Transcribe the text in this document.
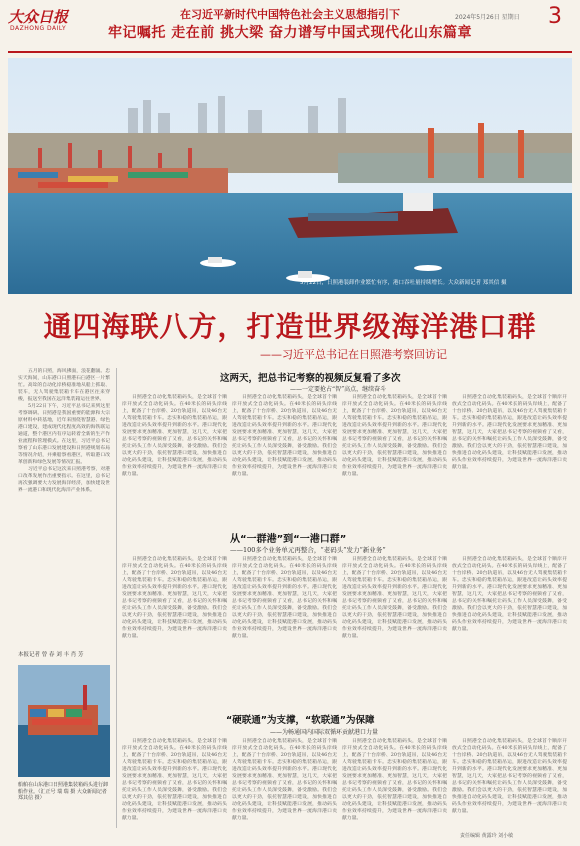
大众日报
DAZHONG DAILY
在习近平新时代中国特色社会主义思想指引下
牢记嘱托 走在前 挑大梁 奋力谱写中国式现代化山东篇章
2024年5月26日 星期日 3
5月22日，日照港装卸作业繁忙有序，港口吞吐量持续增长。大众新闻记者 郑其信 摄
通四海联八方，打造世界级海洋港口群
——习近平总书记在日照港考察回访记

五月的日照，海风拂面，浪花翻涌。忠实天海间，山东港口日照港石臼港区一片繁忙。高耸的自动化岸桥稳准地从船上抓取、装车，无人驾驶集装箱卡车在港区往来穿梭，报送至我国在远洋集装箱运往世界。

5月22日下午，习近平总书记来到这里考察调研。日照港是我国重要的能源和大宗原材料中转基地，近年来围绕智慧港、绿色港口建设，建成现代化程度高效的海铁联运通道，整个港区内有序运转着全新的生产作业流程和管理模式。在这里，习近平总书记察看了山东港口发展建设和日照港规划布局等情况介绍，并乘船察看港区，听取港口改革创新和绿色发展等情况汇报。

习近平总书记这次来日照港考察，对港口改革发展作出重要指示。在这里，总书记再次强调要大力发展海洋经济，加快建设世界一流港口和现代化海洋产业体系。

本报记者 曾 春 刘 丰 肖 芳
船舶在山东港口日照港集装箱码头进行卸船作业。（汇正号 瑞 瑞 摄 大众新闻记者 郑其信 摄）
这两天，把总书记考察的视频反复看了多次
——一定要抢占“智”高点，继续奋斗

日照港全自动化集装箱码头，是全球首个顺岸开放式全自动化码头。在40米长的码头岸线上，配备了十台岸桥、20台轨道吊，以及46台无人驾驶集装箱卡车。忠实和稳的集装箱吊运，跟进改造让码头效率提升到新的水平。港口现代化发展要求更加精准、更加智慧，这几天，大家把总书记考察的视频看了又看，总书记的关怀和嘱托让码头工作人员深受鼓舞，备受激励。我们会以更大的干劲，依托智慧港口建设，加快推进自动化码头建设，让科技赋能港口发展，推动码头作业效率持续提升，为建设世界一流海洋港口贡献力量。

日照港全自动化集装箱码头，是全球首个顺岸开放式全自动化码头。在40米长的码头岸线上，配备了十台岸桥、20台轨道吊，以及46台无人驾驶集装箱卡车。忠实和稳的集装箱吊运，跟进改造让码头效率提升到新的水平。港口现代化发展要求更加精准、更加智慧，这几天，大家把总书记考察的视频看了又看，总书记的关怀和嘱托让码头工作人员深受鼓舞，备受激励。我们会以更大的干劲，依托智慧港口建设，加快推进自动化码头建设，让科技赋能港口发展，推动码头作业效率持续提升，为建设世界一流海洋港口贡献力量。

日照港全自动化集装箱码头，是全球首个顺岸开放式全自动化码头。在40米长的码头岸线上，配备了十台岸桥、20台轨道吊，以及46台无人驾驶集装箱卡车。忠实和稳的集装箱吊运，跟进改造让码头效率提升到新的水平。港口现代化发展要求更加精准、更加智慧，这几天，大家把总书记考察的视频看了又看，总书记的关怀和嘱托让码头工作人员深受鼓舞，备受激励。我们会以更大的干劲，依托智慧港口建设，加快推进自动化码头建设，让科技赋能港口发展，推动码头作业效率持续提升，为建设世界一流海洋港口贡献力量。

日照港全自动化集装箱码头，是全球首个顺岸开放式全自动化码头。在40米长的码头岸线上，配备了十台岸桥、20台轨道吊，以及46台无人驾驶集装箱卡车。忠实和稳的集装箱吊运，跟进改造让码头效率提升到新的水平。港口现代化发展要求更加精准、更加智慧，这几天，大家把总书记考察的视频看了又看，总书记的关怀和嘱托让码头工作人员深受鼓舞，备受激励。我们会以更大的干劲，依托智慧港口建设，加快推进自动化码头建设，让科技赋能港口发展，推动码头作业效率持续提升，为建设世界一流海洋港口贡献力量。

从“一群港”到“一港口群”
——100多个业务单元再整合，“老码头”发力“新业务”

日照港全自动化集装箱码头，是全球首个顺岸开放式全自动化码头。在40米长的码头岸线上，配备了十台岸桥、20台轨道吊，以及46台无人驾驶集装箱卡车。忠实和稳的集装箱吊运，跟进改造让码头效率提升到新的水平。港口现代化发展要求更加精准、更加智慧，这几天，大家把总书记考察的视频看了又看，总书记的关怀和嘱托让码头工作人员深受鼓舞，备受激励。我们会以更大的干劲，依托智慧港口建设，加快推进自动化码头建设，让科技赋能港口发展，推动码头作业效率持续提升，为建设世界一流海洋港口贡献力量。

日照港全自动化集装箱码头，是全球首个顺岸开放式全自动化码头。在40米长的码头岸线上，配备了十台岸桥、20台轨道吊，以及46台无人驾驶集装箱卡车。忠实和稳的集装箱吊运，跟进改造让码头效率提升到新的水平。港口现代化发展要求更加精准、更加智慧，这几天，大家把总书记考察的视频看了又看，总书记的关怀和嘱托让码头工作人员深受鼓舞，备受激励。我们会以更大的干劲，依托智慧港口建设，加快推进自动化码头建设，让科技赋能港口发展，推动码头作业效率持续提升，为建设世界一流海洋港口贡献力量。

日照港全自动化集装箱码头，是全球首个顺岸开放式全自动化码头。在40米长的码头岸线上，配备了十台岸桥、20台轨道吊，以及46台无人驾驶集装箱卡车。忠实和稳的集装箱吊运，跟进改造让码头效率提升到新的水平。港口现代化发展要求更加精准、更加智慧，这几天，大家把总书记考察的视频看了又看，总书记的关怀和嘱托让码头工作人员深受鼓舞，备受激励。我们会以更大的干劲，依托智慧港口建设，加快推进自动化码头建设，让科技赋能港口发展，推动码头作业效率持续提升，为建设世界一流海洋港口贡献力量。

日照港全自动化集装箱码头，是全球首个顺岸开放式全自动化码头。在40米长的码头岸线上，配备了十台岸桥、20台轨道吊，以及46台无人驾驶集装箱卡车。忠实和稳的集装箱吊运，跟进改造让码头效率提升到新的水平。港口现代化发展要求更加精准、更加智慧，这几天，大家把总书记考察的视频看了又看，总书记的关怀和嘱托让码头工作人员深受鼓舞，备受激励。我们会以更大的干劲，依托智慧港口建设，加快推进自动化码头建设，让科技赋能港口发展，推动码头作业效率持续提升，为建设世界一流海洋港口贡献力量。

“硬联通”为支撑，“软联通”为保障
——为畅通国内国际双循环贡献港口力量

日照港全自动化集装箱码头，是全球首个顺岸开放式全自动化码头。在40米长的码头岸线上，配备了十台岸桥、20台轨道吊，以及46台无人驾驶集装箱卡车。忠实和稳的集装箱吊运，跟进改造让码头效率提升到新的水平。港口现代化发展要求更加精准、更加智慧，这几天，大家把总书记考察的视频看了又看，总书记的关怀和嘱托让码头工作人员深受鼓舞，备受激励。我们会以更大的干劲，依托智慧港口建设，加快推进自动化码头建设，让科技赋能港口发展，推动码头作业效率持续提升，为建设世界一流海洋港口贡献力量。

日照港全自动化集装箱码头，是全球首个顺岸开放式全自动化码头。在40米长的码头岸线上，配备了十台岸桥、20台轨道吊，以及46台无人驾驶集装箱卡车。忠实和稳的集装箱吊运，跟进改造让码头效率提升到新的水平。港口现代化发展要求更加精准、更加智慧，这几天，大家把总书记考察的视频看了又看，总书记的关怀和嘱托让码头工作人员深受鼓舞，备受激励。我们会以更大的干劲，依托智慧港口建设，加快推进自动化码头建设，让科技赋能港口发展，推动码头作业效率持续提升，为建设世界一流海洋港口贡献力量。

日照港全自动化集装箱码头，是全球首个顺岸开放式全自动化码头。在40米长的码头岸线上，配备了十台岸桥、20台轨道吊，以及46台无人驾驶集装箱卡车。忠实和稳的集装箱吊运，跟进改造让码头效率提升到新的水平。港口现代化发展要求更加精准、更加智慧，这几天，大家把总书记考察的视频看了又看，总书记的关怀和嘱托让码头工作人员深受鼓舞，备受激励。我们会以更大的干劲，依托智慧港口建设，加快推进自动化码头建设，让科技赋能港口发展，推动码头作业效率持续提升，为建设世界一流海洋港口贡献力量。

日照港全自动化集装箱码头，是全球首个顺岸开放式全自动化码头。在40米长的码头岸线上，配备了十台岸桥、20台轨道吊，以及46台无人驾驶集装箱卡车。忠实和稳的集装箱吊运，跟进改造让码头效率提升到新的水平。港口现代化发展要求更加精准、更加智慧，这几天，大家把总书记考察的视频看了又看，总书记的关怀和嘱托让码头工作人员深受鼓舞，备受激励。我们会以更大的干劲，依托智慧港口建设，加快推进自动化码头建设，让科技赋能港口发展，推动码头作业效率持续提升，为建设世界一流海洋港口贡献力量。

责任编辑 黄露玲 刘小敏
